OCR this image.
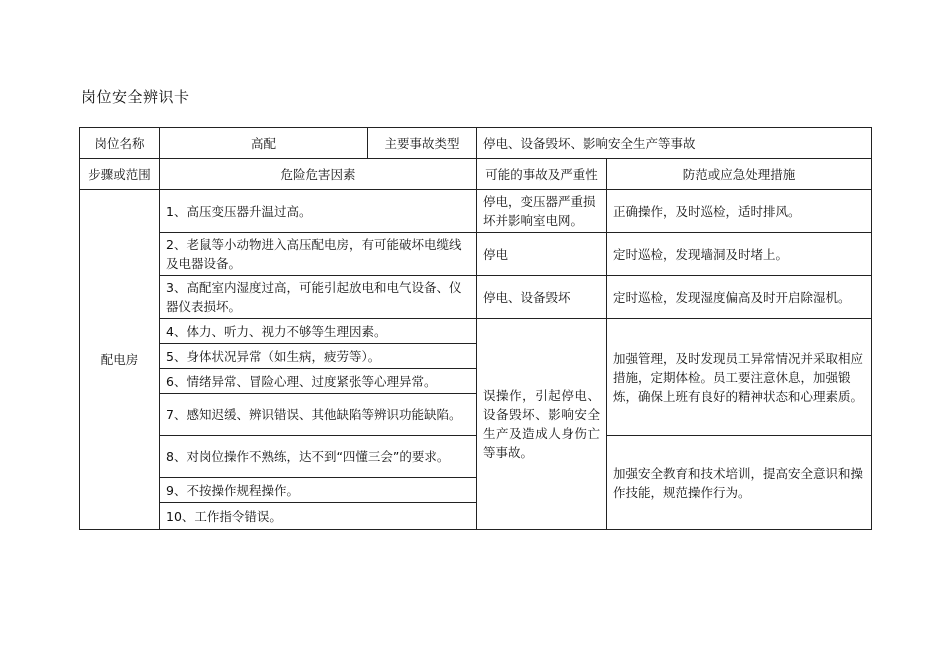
岗位安全辨识卡
岗位名称	高配	主要事故类型	停电、设备毁坏、影响安全生产等事故	
步骤或范围	危险危害因素		可能的事故及严重性	防范或应急处理措施
配电房	1、高压变压器升温过高。		停电，变压器严重损坏并影响室电网。	正确操作，及时巡检，适时排风。
	2、老鼠等小动物进入高压配电房，有可能破坏电缆线及电器设备。		停电	定时巡检，发现墙洞及时堵上。
	3、高配室内湿度过高，可能引起放电和电气设备、仪器仪表损坏。		停电、设备毁坏	定时巡检，发现湿度偏高及时开启除湿机。
	4、体力、听力、视力不够等生理因素。		误操作，引起停电、设备毁坏、影响安全生产及造成人身伤亡等事故。	加强管理，及时发现员工异常情况并采取相应措施，定期体检。员工要注意休息，加强锻炼，确保上班有良好的精神状态和心理素质。
	5、身体状况异常（如生病，疲劳等）。			
	6、情绪异常、冒险心理、过度紧张等心理异常。			
	7、感知迟缓、辨识错误、其他缺陷等辨识功能缺陷。			
	8、对岗位操作不熟练，达不到“四懂三会”的要求。			加强安全教育和技术培训，提高安全意识和操作技能，规范操作行为。
	9、不按操作规程操作。			
	10、工作指令错误。			
